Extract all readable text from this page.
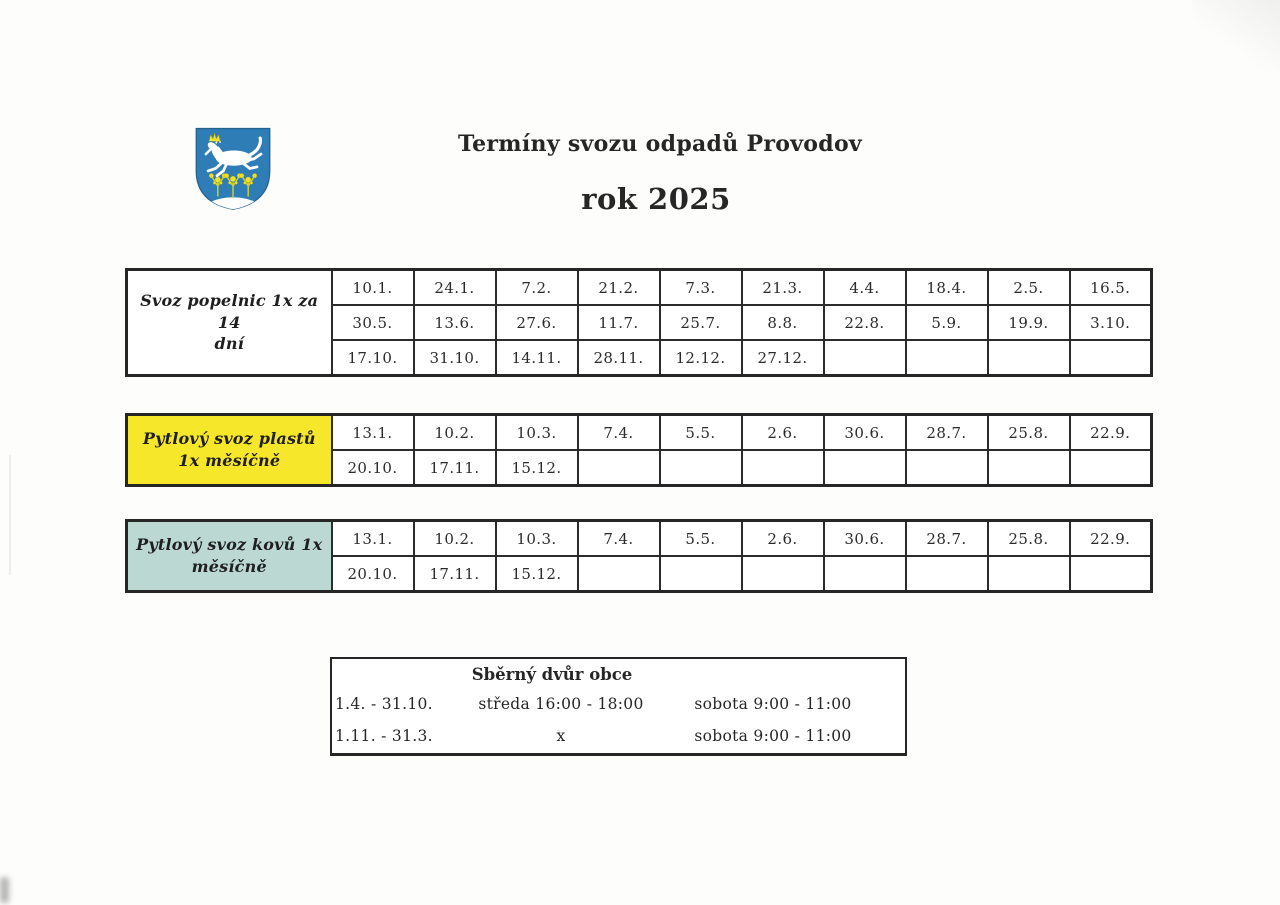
Termíny svozu odpadů Provodov
rok 2025
Svoz popelnic 1x za 14
dní	10.1.	24.1.	7.2.	21.2.	7.3.	21.3.	4.4.	18.4.	2.5.	16.5.
	30.5.	13.6.	27.6.	11.7.	25.7.	8.8.	22.8.	5.9.	19.9.	3.10.
	17.10.	31.10.	14.11.	28.11.	12.12.	27.12.				
Pytlový svoz plastů
1x měsíčně	13.1.	10.2.	10.3.	7.4.	5.5.	2.6.	30.6.	28.7.	25.8.	22.9.
	20.10.	17.11.	15.12.							
Pytlový svoz kovů 1x
měsíčně	13.1.	10.2.	10.3.	7.4.	5.5.	2.6.	30.6.	28.7.	25.8.	22.9.
	20.10.	17.11.	15.12.							
Sběrný dvůr obce
1.4. - 31.10.	středa 16:00 - 18:00	sobota 9:00 - 11:00
1.11. - 31.3.	x	sobota 9:00 - 11:00
